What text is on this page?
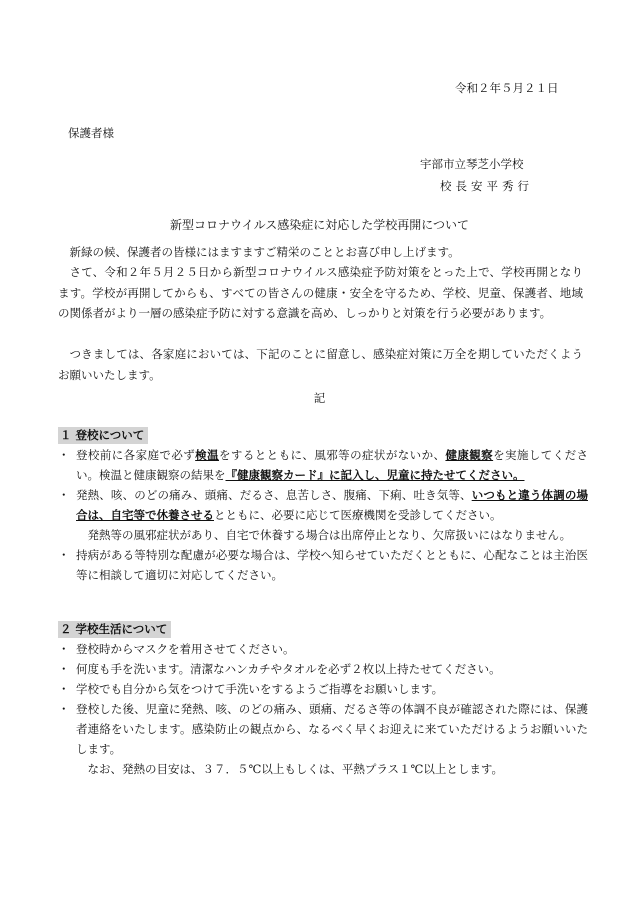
令和２年５月２１日
保護者様
宇部市立琴芝小学校
校長安平秀行
新型コロナウイルス感染症に対応した学校再開について
新緑の候、保護者の皆様にはますますご精栄のこととお喜び申し上げます。
さて、令和２年５月２５日から新型コロナウイルス感染症予防対策をとった上で、学校再開となります。学校が再開してからも、すべての皆さんの健康・安全を守るため、学校、児童、保護者、地域の関係者がより一層の感染症予防に対する意識を高め、しっかりと対策を行う必要があります。
つきましては、各家庭においては、下記のことに留意し、感染症対策に万全を期していただくようお願いいたします。
記
１ 登校について
・ 登校前に各家庭で必ず検温をするとともに、風邪等の症状がないか、健康観察を実施してください。検温と健康観察の結果を『健康観察カード』に記入し、児童に持たせてください。
・ 発熱、咳、のどの痛み、頭痛、だるさ、息苦しさ、腹痛、下痢、吐き気等、いつもと違う体調の場合は、自宅等で休養させるとともに、必要に応じて医療機関を受診してください。
発熱等の風邪症状があり、自宅で休養する場合は出席停止となり、欠席扱いにはなりません。
・ 持病がある等特別な配慮が必要な場合は、学校へ知らせていただくとともに、心配なことは主治医等に相談して適切に対応してください。
２ 学校生活について
・ 登校時からマスクを着用させてください。
・ 何度も手を洗います。清潔なハンカチやタオルを必ず２枚以上持たせてください。
・ 学校でも自分から気をつけて手洗いをするようご指導をお願いします。
・ 登校した後、児童に発熱、咳、のどの痛み、頭痛、だるさ等の体調不良が確認された際には、保護者連絡をいたします。感染防止の観点から、なるべく早くお迎えに来ていただけるようお願いいたします。
なお、発熱の目安は、３７．５℃以上もしくは、平熱プラス１℃以上とします。
